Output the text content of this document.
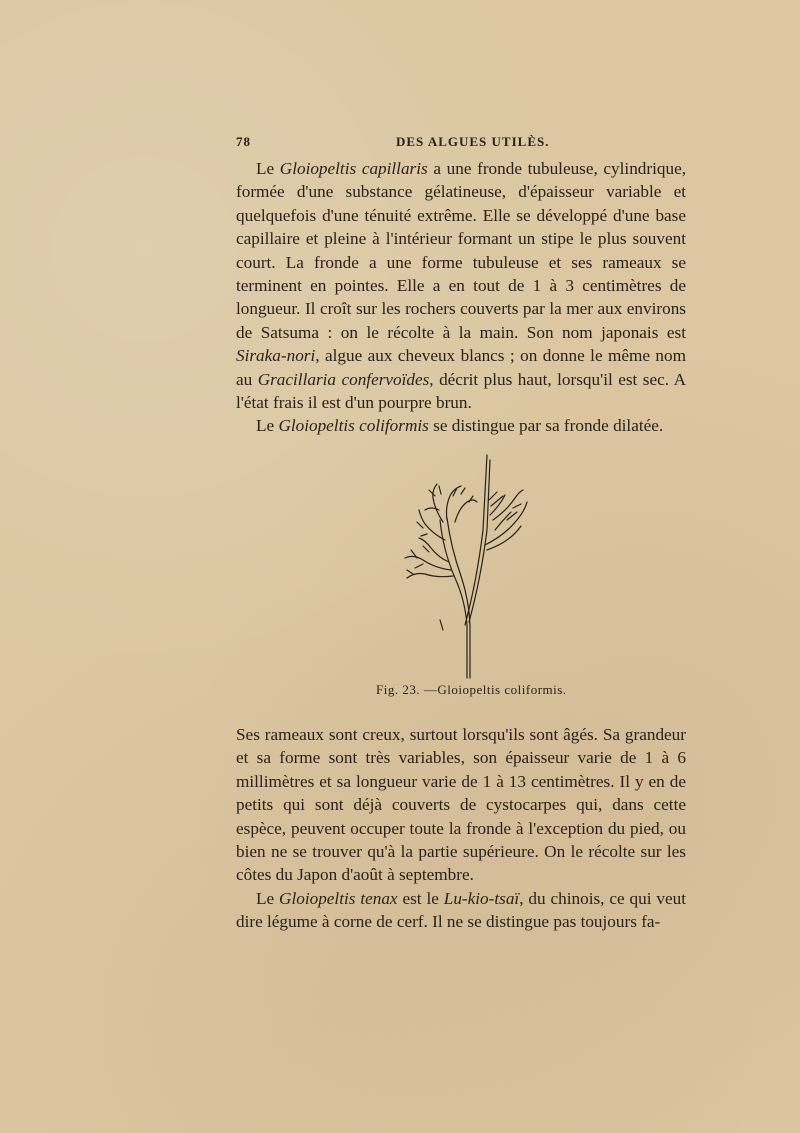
78	DES ALGUES UTILÈS.

Le Gloiopeltis capillaris a une fronde tubuleuse, cylindrique, formée d'une substance gélatineuse, d'épaisseur variable et quelquefois d'une ténuité extrême. Elle se développé d'une base capillaire et pleine à l'intérieur formant un stipe le plus souvent court. La fronde a une forme tubuleuse et ses rameaux se terminent en pointes. Elle a en tout de 1 à 3 centimètres de longueur. Il croît sur les rochers couverts par la mer aux environs de Satsuma : on le récolte à la main. Son nom japonais est Siraka-nori, algue aux cheveux blancs ; on donne le même nom au Gracillaria confervoïdes, décrit plus haut, lorsqu'il est sec. A l'état frais il est d'un pourpre brun.

Le Gloiopeltis coliformis se distingue par sa fronde dilatée.

Fig. 23. —Gloiopeltis coliformis.

Ses rameaux sont creux, surtout lorsqu'ils sont âgés. Sa grandeur et sa forme sont très variables, son épaisseur varie de 1 à 6 millimètres et sa longueur varie de 1 à 13 centimètres. Il y en de petits qui sont déjà couverts de cystocarpes qui, dans cette espèce, peuvent occuper toute la fronde à l'exception du pied, ou bien ne se trouver qu'à la partie supérieure. On le récolte sur les côtes du Japon d'août à septembre.

Le Gloiopeltis tenax est le Lu-kio-tsaï, du chinois, ce qui veut dire légume à corne de cerf. Il ne se distingue pas toujours fa-
